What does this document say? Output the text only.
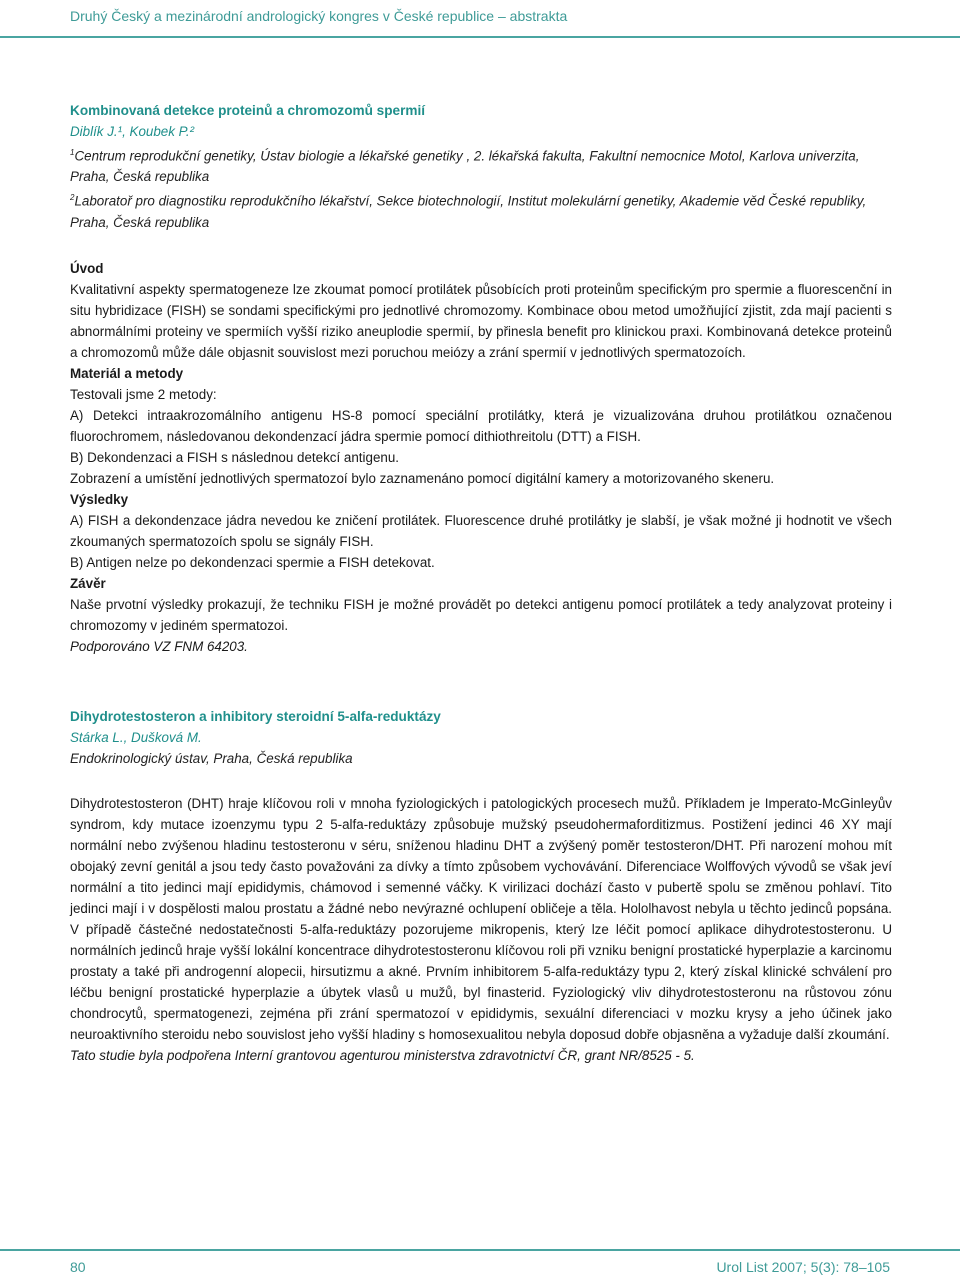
Druhý Český a mezinárodní andrologický kongres v České republice – abstrakta
Kombinovaná detekce proteinů a chromozomů spermií
Diblík J.¹, Koubek P.²
$^1$Centrum reprodukční genetiky, Ústav biologie a lékařské genetiky , 2. lékařská fakulta, Fakultní nemocnice Motol, Karlova univerzita, Praha, Česká republika
$^2$Laboratoř pro diagnostiku reprodukčního lékařství, Sekce biotechnologií, Institut molekulární genetiky, Akademie věd České republiky, Praha, Česká republika
Úvod

Kvalitativní aspekty spermatogeneze lze zkoumat pomocí protilátek působících proti proteinům specifickým pro spermie a fluorescenční in situ hybridizace (FISH) se sondami specifickými pro jednotlivé chromozomy. Kombinace obou metod umožňující zjistit, zda mají pacienti s abnormálními proteiny ve spermiích vyšší riziko aneuplodie spermií, by přinesla benefit pro klinickou praxi. Kombinovaná detekce proteinů a chromozomů může dále objasnit souvislost mezi poruchou meiózy a zrání spermií v jednotlivých spermatozoích.

Materiál a metody

Testovali jsme 2 metody:

A) Detekci intraakrozomálního antigenu HS-8 pomocí speciální protilátky, která je vizualizována druhou protilátkou označenou fluorochromem, následovanou dekondenzací jádra spermie pomocí dithiothreitolu (DTT) a FISH.

B) Dekondenzaci a FISH s následnou detekcí antigenu.

Zobrazení a umístění jednotlivých spermatozoí bylo zaznamenáno pomocí digitální kamery a motorizovaného skeneru.

Výsledky

A) FISH a dekondenzace jádra nevedou ke zničení protilátek. Fluorescence druhé protilátky je slabší, je však možné ji hodnotit ve všech zkoumaných spermatozoích spolu se signály FISH.

B) Antigen nelze po dekondenzaci spermie a FISH detekovat.

Závěr

Naše prvotní výsledky prokazují, že techniku FISH je možné provádět po detekci antigenu pomocí protilátek a tedy analyzovat proteiny i chromozomy v jediném spermatozoi.

Podporováno VZ FNM 64203.

Dihydrotestosteron a inhibitory steroidní 5-alfa-reduktázy
Stárka L., Dušková M.
Endokrinologický ústav, Praha, Česká republika

Dihydrotestosteron (DHT) hraje klíčovou roli v mnoha fyziologických i patologických procesech mužů. Příkladem je Imperato-McGinleyův syndrom, kdy mutace izoenzymu typu 2 5-alfa-reduktázy způsobuje mužský pseudohermaforditizmus. Postižení jedinci 46 XY mají normální nebo zvýšenou hladinu testosteronu v séru, sníženou hladinu DHT a zvýšený poměr testosteron/DHT. Při narození mohou mít obojaký zevní genitál a jsou tedy často považováni za dívky a tímto způsobem vychovávání. Diferenciace Wolffových vývodů se však jeví normální a tito jedinci mají epididymis, chámovod i semenné váčky. K virilizaci dochází často v pubertě spolu se změnou pohlaví. Tito jedinci mají i v dospělosti malou prostatu a žádné nebo nevýrazné ochlupení obličeje a těla. Hololhavost nebyla u těchto jedinců popsána. V případě částečné nedostatečnosti 5-alfa-reduktázy pozorujeme mikropenis, který lze léčit pomocí aplikace dihydrotestosteronu. U normálních jedinců hraje vyšší lokální koncentrace dihydrotestosteronu klíčovou roli při vzniku benigní prostatické hyperplazie a karcinomu prostaty a také při androgenní alopecii, hirsutizmu a akné. Prvním inhibitorem 5-alfa-reduktázy typu 2, který získal klinické schválení pro léčbu benigní prostatické hyperplazie a úbytek vlasů u mužů, byl finasterid. Fyziologický vliv dihydrotestosteronu na růstovou zónu chondrocytů, spermatogenezi, zejména při zrání spermatozoí v epididymis, sexuální diferenciaci v mozku krysy a jeho účinek jako neuroaktivního steroidu nebo souvislost jeho vyšší hladiny s homosexualitou nebyla doposud dobře objasněna a vyžaduje další zkoumání.

Tato studie byla podpořena Interní grantovou agenturou ministerstva zdravotnictví ČR, grant NR/8525 - 5.

80	Urol List 2007; 5(3): 78–105
